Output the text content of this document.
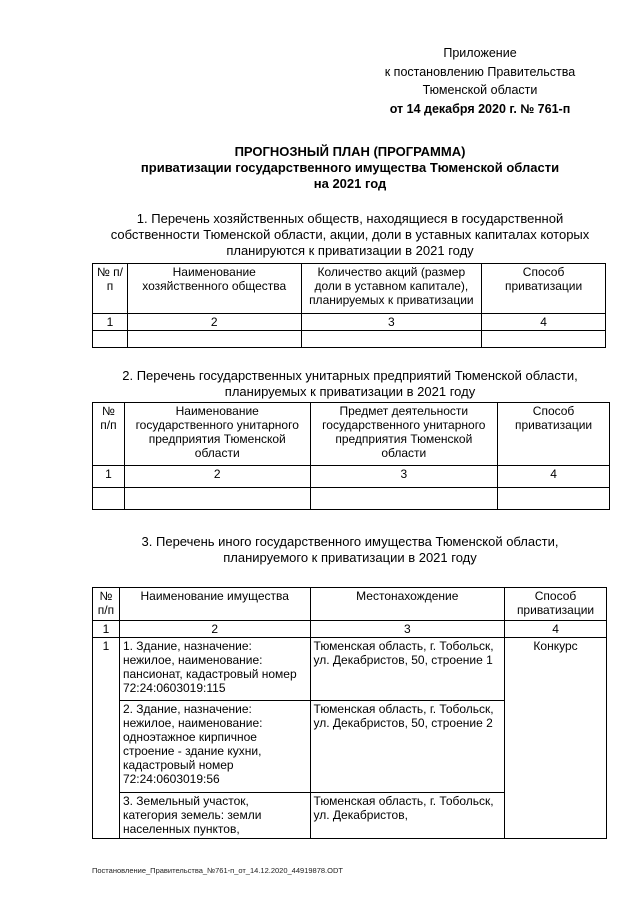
Приложение
к постановлению Правительства
Тюменской области
от 14 декабря 2020 г. № 761-п
ПРОГНОЗНЫЙ ПЛАН (ПРОГРАММА)
приватизации государственного имущества Тюменской области
на 2021 год
1. Перечень хозяйственных обществ, находящиеся в государственной
собственности Тюменской области, акции, доли в уставных капиталах которых
планируются к приватизации в 2021 году
№ п/п	Наименование хозяйственного общества	Количество акций (размер доли в уставном капитале), планируемых к приватизации	Способ приватизации
1	2	3	4

2. Перечень государственных унитарных предприятий Тюменской области,
планируемых к приватизации в 2021 году
№ п/п	Наименование государственного унитарного предприятия Тюменской области	Предмет деятельности государственного унитарного предприятия Тюменской области	Способ приватизации
1	2	3	4

3. Перечень иного государственного имущества Тюменской области,
планируемого к приватизации в 2021 году
№ п/п	Наименование имущества	Местонахождение	Способ приватизации
1	2	3	4
1	1. Здание, назначение: нежилое, наименование: пансионат, кадастровый номер 72:24:0603019:115	Тюменская область, г. Тобольск, ул. Декабристов, 50, строение 1	Конкурс
	2. Здание, назначение: нежилое, наименование: одноэтажное кирпичное строение - здание кухни, кадастровый номер 72:24:0603019:56	Тюменская область, г. Тобольск, ул. Декабристов, 50, строение 2	
	3. Земельный участок, категория земель: земли населенных пунктов,	Тюменская область, г. Тобольск, ул. Декабристов,	
Постановление_Правительства_№761-п_от_14.12.2020_44919878.ODT
